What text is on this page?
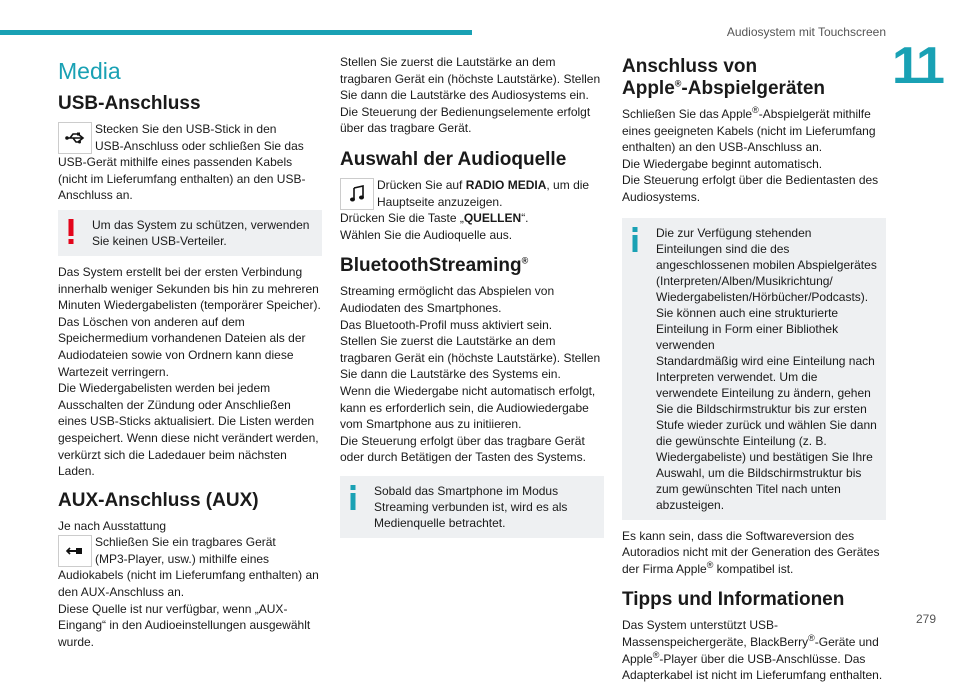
Audiosystem mit Touchscreen
11
279
Media
USB-Anschluss

Stecken Sie den USB-Stick in den

USB-Anschluss oder schließen Sie das

USB-Gerät mithilfe eines passenden Kabels (nicht im Lieferumfang enthalten) an den USB-Anschluss an.

Um das System zu schützen, verwenden Sie keinen USB-Verteiler.

Das System erstellt bei der ersten Verbindung innerhalb weniger Sekunden bis hin zu mehreren Minuten Wiedergabelisten (temporärer Speicher).

Das Löschen von anderen auf dem Speichermedium vorhandenen Dateien als der Audiodateien sowie von Ordnern kann diese Wartezeit verringern.

Die Wiedergabelisten werden bei jedem Ausschalten der Zündung oder Anschließen eines USB-Sticks aktualisiert. Die Listen werden gespeichert. Wenn diese nicht verändert werden, verkürzt sich die Ladedauer beim nächsten Laden.

AUX-Anschluss (AUX)

Je nach Ausstattung

Schließen Sie ein tragbares Gerät

(MP3-Player, usw.) mithilfe eines

Audiokabels (nicht im Lieferumfang enthalten) an den AUX-Anschluss an.

Diese Quelle ist nur verfügbar, wenn „AUX-Eingang“ in den Audioeinstellungen ausgewählt wurde.

Stellen Sie zuerst die Lautstärke an dem tragbaren Gerät ein (höchste Lautstärke). Stellen Sie dann die Lautstärke des Audiosystems ein.

Die Steuerung der Bedienungselemente erfolgt über das tragbare Gerät.

Auswahl der Audioquelle

Drücken Sie auf RADIO MEDIA, um die

Hauptseite anzuzeigen.

Drücken Sie die Taste „QUELLEN“.

Wählen Sie die Audioquelle aus.

BluetoothStreaming®

Streaming ermöglicht das Abspielen von Audiodaten des Smartphones.

Das Bluetooth-Profil muss aktiviert sein.

Stellen Sie zuerst die Lautstärke an dem tragbaren Gerät ein (höchste Lautstärke). Stellen Sie dann die Lautstärke des Systems ein.

Wenn die Wiedergabe nicht automatisch erfolgt, kann es erforderlich sein, die Audiowiedergabe vom Smartphone aus zu initiieren.

Die Steuerung erfolgt über das tragbare Gerät oder durch Betätigen der Tasten des Systems.

Sobald das Smartphone im Modus Streaming verbunden ist, wird es als Medienquelle betrachtet.

Anschluss von
Apple®-Abspielgeräten

Schließen Sie das Apple®-Abspielgerät mithilfe eines geeigneten Kabels (nicht im Lieferumfang enthalten) an den USB-Anschluss an.

Die Wiedergabe beginnt automatisch.

Die Steuerung erfolgt über die Bedientasten des Audiosystems.

Die zur Verfügung stehenden Einteilungen sind die des angeschlossenen mobilen Abspielgerätes (Interpreten/Alben/Musikrichtung/ Wiedergabelisten/Hörbücher/Podcasts). Sie können auch eine strukturierte Einteilung in Form einer Bibliothek verwenden

Standardmäßig wird eine Einteilung nach Interpreten verwendet. Um die verwendete Einteilung zu ändern, gehen Sie die Bildschirmstruktur bis zur ersten Stufe wieder zurück und wählen Sie dann die gewünschte Einteilung (z. B. Wiedergabeliste) und bestätigen Sie Ihre Auswahl, um die Bildschirmstruktur bis zum gewünschten Titel nach unten abzusteigen.

Es kann sein, dass die Softwareversion des Autoradios nicht mit der Generation des Gerätes der Firma Apple® kompatibel ist.

Tipps und Informationen

Das System unterstützt USB-Massenspeichergeräte, BlackBerry®-Geräte und Apple®-Player über die USB-Anschlüsse. Das Adapterkabel ist nicht im Lieferumfang enthalten.
